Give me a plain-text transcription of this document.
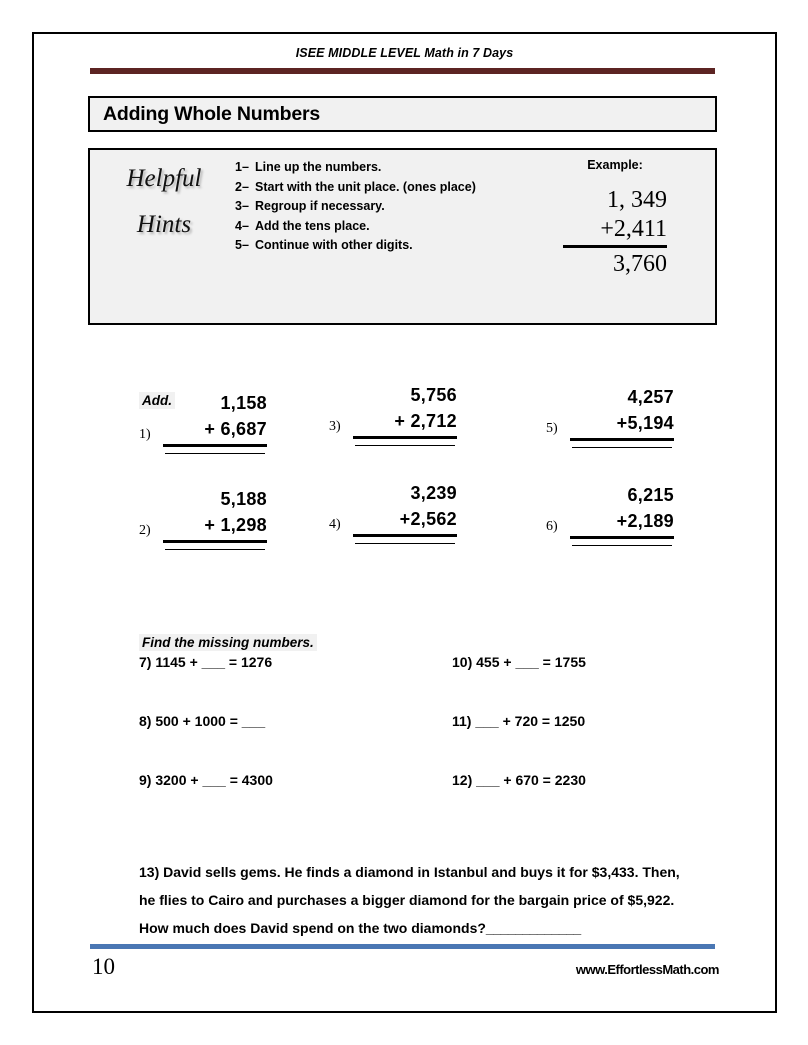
ISEE MIDDLE LEVEL Math in 7 Days
Adding Whole Numbers
Helpful
Hints
1– Line up the numbers.
2– Start with the unit place. (ones place)
3– Regroup if necessary.
4– Add the tens place.
5– Continue with other digits.
Example:
1, 349
+2,411
3,760
Add.
1)
1,158
+ 6,687
2)
5,188
+ 1,298
3)
5,756
+ 2,712
4)
3,239
+2,562
5)
4,257
+5,194
6)
6,215
+2,189
Find the missing numbers.
7) 1145 + ___ = 1276
8) 500 + 1000 = ___
9) 3200 + ___ = 4300
10) 455 + ___ = 1755
11) ___ + 720 = 1250
12) ___ + 670 = 2230
13) David sells gems. He finds a diamond in Istanbul and buys it for $3,433. Then,
he flies to Cairo and purchases a bigger diamond for the bargain price of $5,922.
How much does David spend on the two diamonds?_____________
10	www.EffortlessMath.com
